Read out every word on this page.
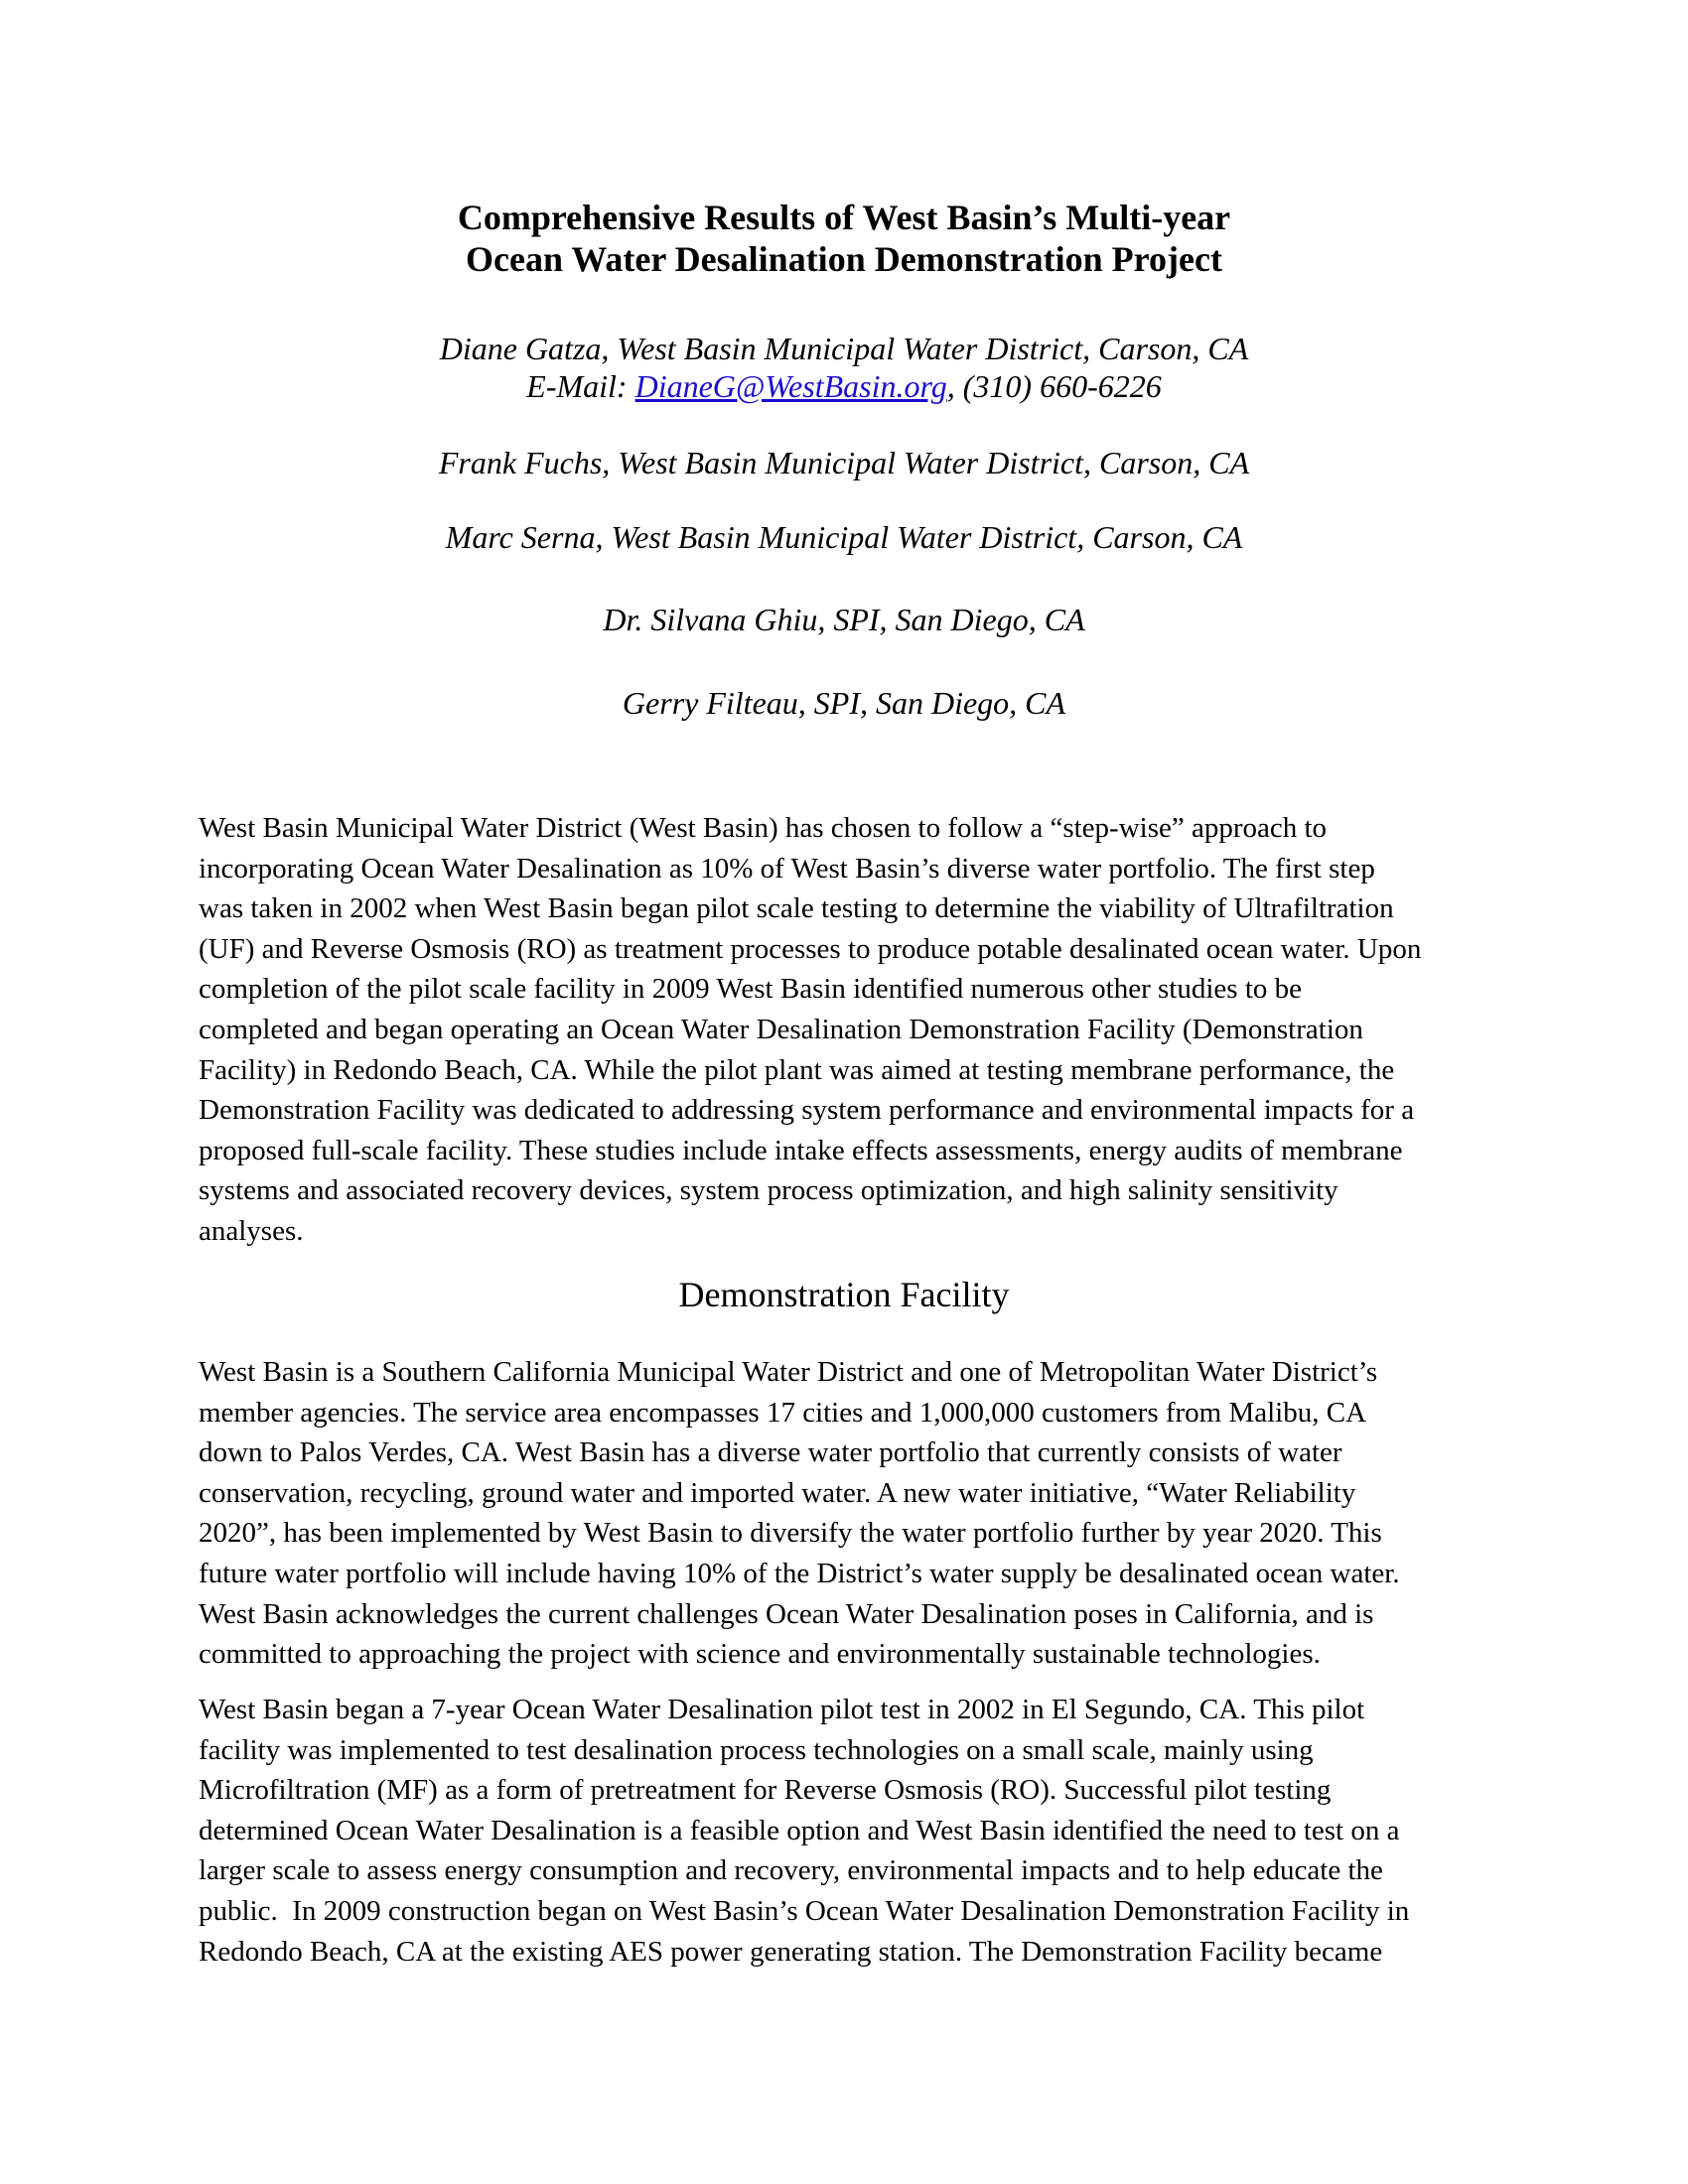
Comprehensive Results of West Basin’s Multi-year
Ocean Water Desalination Demonstration Project
Diane Gatza, West Basin Municipal Water District, Carson, CA
E-Mail: DianeG@WestBasin.org, (310) 660-6226
Frank Fuchs, West Basin Municipal Water District, Carson, CA
Marc Serna, West Basin Municipal Water District, Carson, CA
Dr. Silvana Ghiu, SPI, San Diego, CA
Gerry Filteau, SPI, San Diego, CA
West Basin Municipal Water District (West Basin) has chosen to follow a “step-wise” approach to
incorporating Ocean Water Desalination as 10% of West Basin’s diverse water portfolio. The first step
was taken in 2002 when West Basin began pilot scale testing to determine the viability of Ultrafiltration
(UF) and Reverse Osmosis (RO) as treatment processes to produce potable desalinated ocean water. Upon
completion of the pilot scale facility in 2009 West Basin identified numerous other studies to be
completed and began operating an Ocean Water Desalination Demonstration Facility (Demonstration
Facility) in Redondo Beach, CA. While the pilot plant was aimed at testing membrane performance, the
Demonstration Facility was dedicated to addressing system performance and environmental impacts for a
proposed full-scale facility. These studies include intake effects assessments, energy audits of membrane
systems and associated recovery devices, system process optimization, and high salinity sensitivity
analyses.
Demonstration Facility
West Basin is a Southern California Municipal Water District and one of Metropolitan Water District’s
member agencies. The service area encompasses 17 cities and 1,000,000 customers from Malibu, CA
down to Palos Verdes, CA. West Basin has a diverse water portfolio that currently consists of water
conservation, recycling, ground water and imported water. A new water initiative, “Water Reliability
2020”, has been implemented by West Basin to diversify the water portfolio further by year 2020. This
future water portfolio will include having 10% of the District’s water supply be desalinated ocean water.
West Basin acknowledges the current challenges Ocean Water Desalination poses in California, and is
committed to approaching the project with science and environmentally sustainable technologies.
West Basin began a 7-year Ocean Water Desalination pilot test in 2002 in El Segundo, CA. This pilot
facility was implemented to test desalination process technologies on a small scale, mainly using
Microfiltration (MF) as a form of pretreatment for Reverse Osmosis (RO). Successful pilot testing
determined Ocean Water Desalination is a feasible option and West Basin identified the need to test on a
larger scale to assess energy consumption and recovery, environmental impacts and to help educate the
public.  In 2009 construction began on West Basin’s Ocean Water Desalination Demonstration Facility in
Redondo Beach, CA at the existing AES power generating station. The Demonstration Facility became
